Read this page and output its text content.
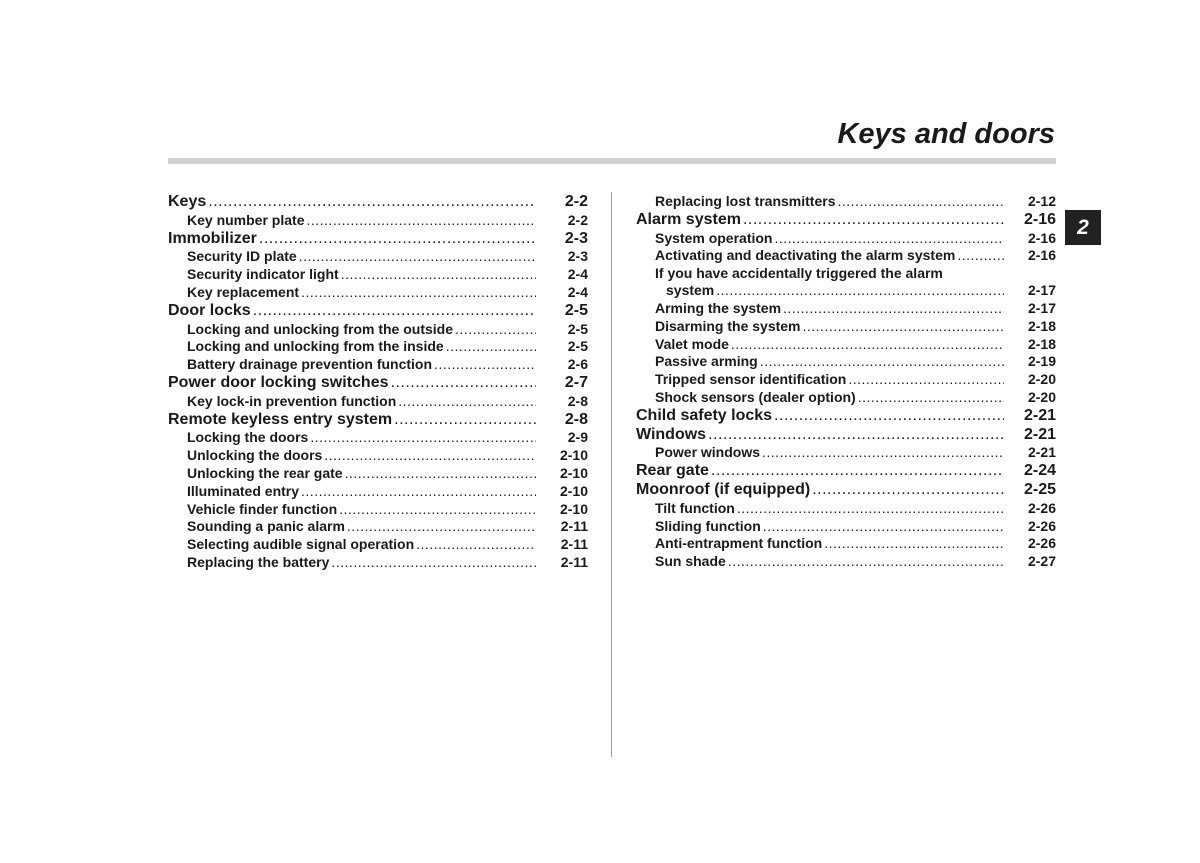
Keys and doors
2
Keys .....	2-2
Key number plate .....	2-2
Immobilizer .....	2-3
Security ID plate .....	2-3
Security indicator light .....	2-4
Key replacement .....	2-4
Door locks .....	2-5
Locking and unlocking from the outside .....	2-5
Locking and unlocking from the inside .....	2-5
Battery drainage prevention function .....	2-6
Power door locking switches .....	2-7
Key lock-in prevention function .....	2-8
Remote keyless entry system .....	2-8
Locking the doors .....	2-9
Unlocking the doors .....	2-10
Unlocking the rear gate .....	2-10
Illuminated entry .....	2-10
Vehicle finder function .....	2-10
Sounding a panic alarm .....	2-11
Selecting audible signal operation .....	2-11
Replacing the battery .....	2-11
Replacing lost transmitters .....	2-12
Alarm system .....	2-16
System operation .....	2-16
Activating and deactivating the alarm system .....	2-16
If you have accidentally triggered the alarm
system .....	2-17
Arming the system .....	2-17
Disarming the system .....	2-18
Valet mode .....	2-18
Passive arming .....	2-19
Tripped sensor identification .....	2-20
Shock sensors (dealer option) .....	2-20
Child safety locks .....	2-21
Windows .....	2-21
Power windows .....	2-21
Rear gate .....	2-24
Moonroof (if equipped) .....	2-25
Tilt function .....	2-26
Sliding function .....	2-26
Anti-entrapment function .....	2-26
Sun shade .....	2-27
